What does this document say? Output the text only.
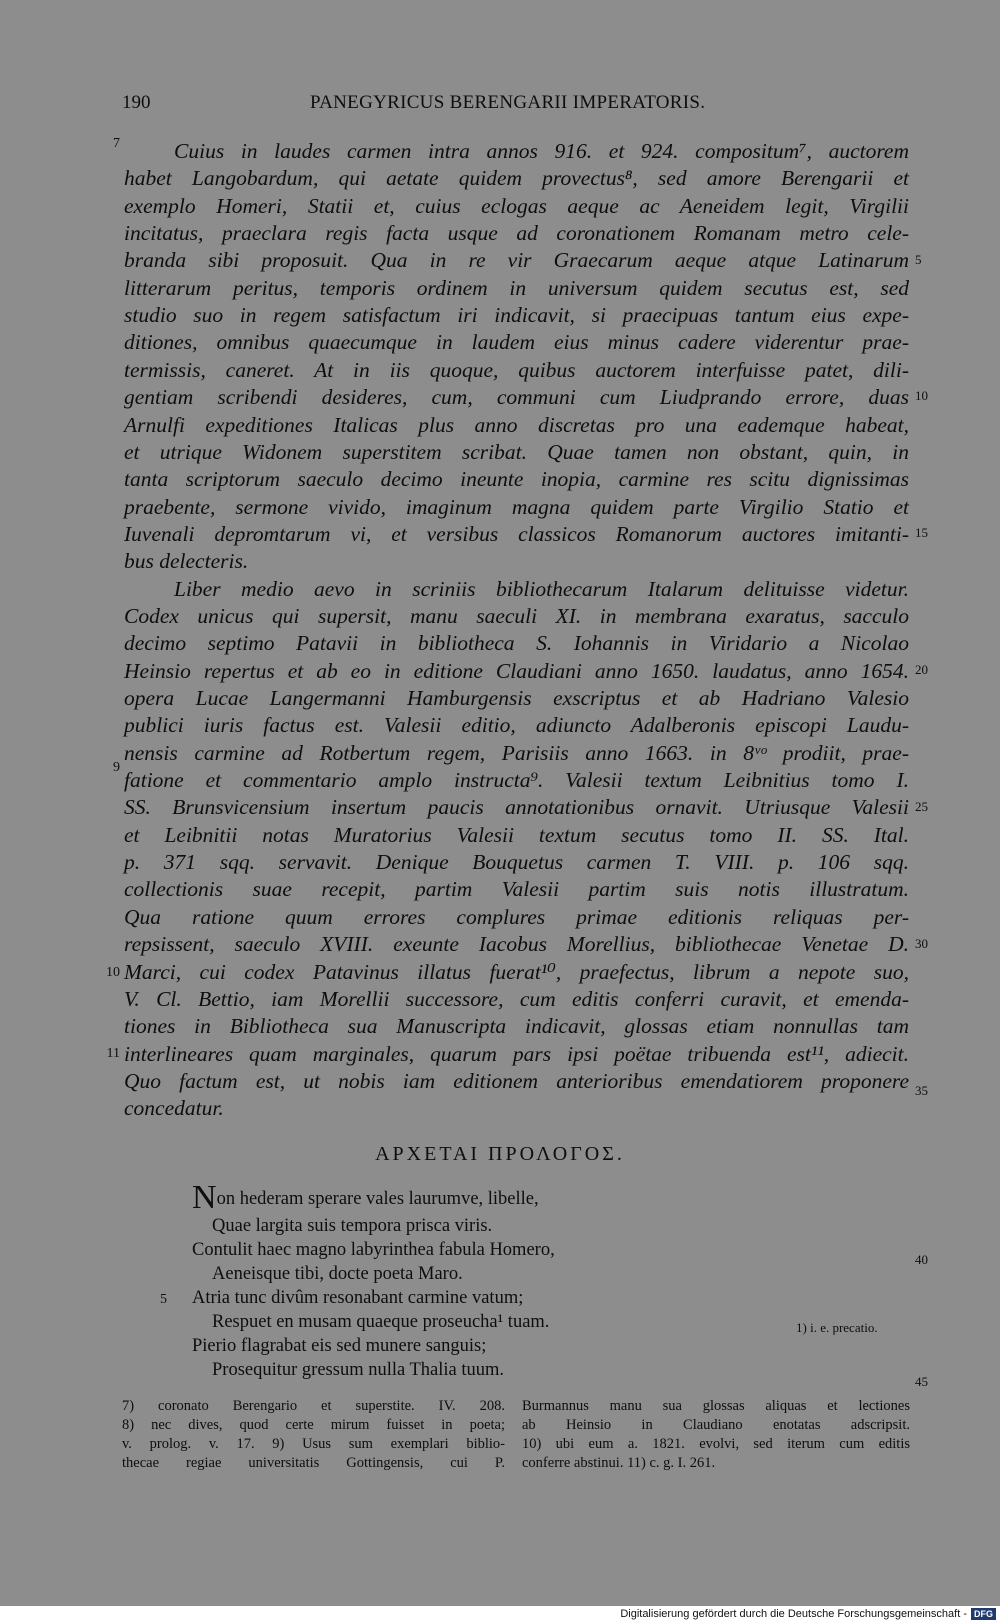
190	PANEGYRICUS BERENGARII IMPERATORIS.
Cuius in laudes carmen intra annos 916. et 924. compositum⁷, auctorem
habet Langobardum, qui aetate quidem provectus⁸, sed amore Berengarii et
exemplo Homeri, Statii et, cuius eclogas aeque ac Aeneidem legit, Virgilii
incitatus, praeclara regis facta usque ad coronationem Romanam metro cele-
branda sibi proposuit. Qua in re vir Graecarum aeque atque Latinarum
litterarum peritus, temporis ordinem in universum quidem secutus est, sed
studio suo in regem satisfactum iri indicavit, si praecipuas tantum eius expe-
ditiones, omnibus quaecumque in laudem eius minus cadere viderentur prae-
termissis, caneret. At in iis quoque, quibus auctorem interfuisse patet, dili-
gentiam scribendi desideres, cum, communi cum Liudprando errore, duas
Arnulfi expeditiones Italicas plus anno discretas pro una eademque habeat,
et utrique Widonem superstitem scribat. Quae tamen non obstant, quin, in
tanta scriptorum saeculo decimo ineunte inopia, carmine res scitu dignissimas
praebente, sermone vivido, imaginum magna quidem parte Virgilio Statio et
Iuvenali depromtarum vi, et versibus classicos Romanorum auctores imitanti-
bus delecteris.
Liber medio aevo in scriniis bibliothecarum Italarum delituisse videtur.
Codex unicus qui supersit, manu saeculi XI. in membrana exaratus, sacculo
decimo septimo Patavii in bibliotheca S. Iohannis in Viridario a Nicolao
Heinsio repertus et ab eo in editione Claudiani anno 1650. laudatus, anno 1654.
opera Lucae Langermanni Hamburgensis exscriptus et ab Hadriano Valesio
publici iuris factus est. Valesii editio, adiuncto Adalberonis episcopi Laudu-
nensis carmine ad Rotbertum regem, Parisiis anno 1663. in 8ᵛᵒ prodiit, prae-
fatione et commentario amplo instructa⁹. Valesii textum Leibnitius tomo I.
SS. Brunsvicensium insertum paucis annotationibus ornavit. Utriusque Valesii
et Leibnitii notas Muratorius Valesii textum secutus tomo II. SS. Ital.
p. 371 sqq. servavit. Denique Bouquetus carmen T. VIII. p. 106 sqq.
collectionis suae recepit, partim Valesii partim suis notis illustratum.
Qua ratione quum errores complures primae editionis reliquas per-
repsissent, saeculo XVIII. exeunte Iacobus Morellius, bibliothecae Venetae D.
Marci, cui codex Patavinus illatus fuerat¹⁰, praefectus, librum a nepote suo,
V. Cl. Bettio, iam Morellii successore, cum editis conferri curavit, et emenda-
tiones in Bibliotheca sua Manuscripta indicavit, glossas etiam nonnullas tam
interlineares quam marginales, quarum pars ipsi poëtae tribuenda est¹¹, adiecit.
Quo factum est, ut nobis iam editionem anterioribus emendatiorem proponere
concedatur.
7
9
10
11
5
10
15
20
25
30
35
ΑΡΧΕΤΑΙ ΠΡΟΛΟΓΟΣ.
Non hederam sperare vales laurumve, libelle,
Quae largita suis tempora prisca viris.
Contulit haec magno labyrinthea fabula Homero,
Aeneisque tibi, docte poeta Maro.
5 Atria tunc divûm resonabant carmine vatum;
Respuet en musam quaeque proseucha¹ tuam.
Pierio flagrabat eis sed munere sanguis;
Prosequitur gressum nulla Thalia tuum.
1) i. e. precatio.
40
45
7) coronato Berengario et superstite. IV. 208.
8) nec dives, quod certe mirum fuisset in poeta;
v. prolog. v. 17. 9) Usus sum exemplari biblio-
thecae regiae universitatis Gottingensis, cui P.
Burmannus manu sua glossas aliquas et lectiones
ab Heinsio in Claudiano enotatas adscripsit.
10) ubi eum a. 1821. evolvi, sed iterum cum editis
conferre abstinui. 11) c. g. I. 261.
Digitalisierung gefördert durch die Deutsche Forschungsgemeinschaft - DFG
